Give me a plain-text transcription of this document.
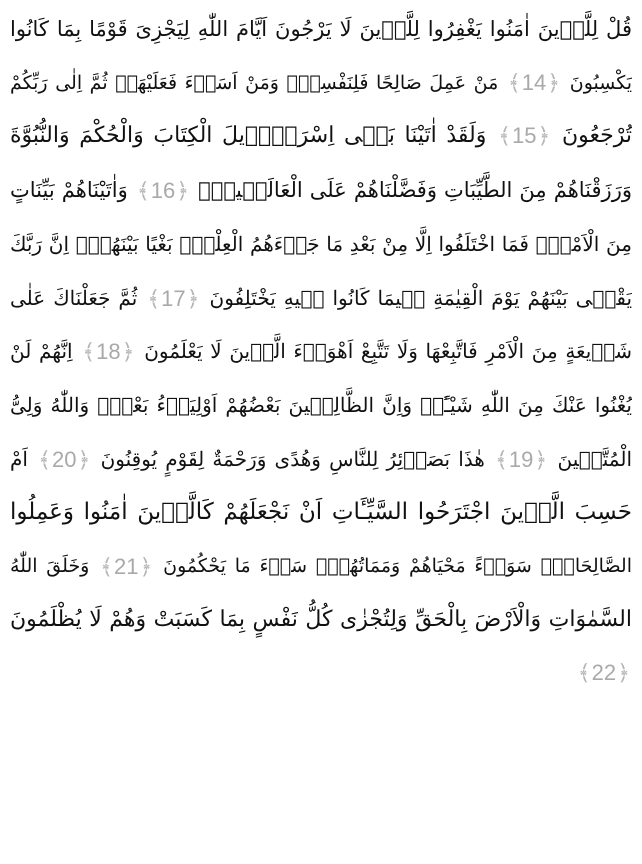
قُلْ لِلَّذٖينَ اٰمَنُوا يَغْفِرُوا لِلَّذٖينَ لَا يَرْجُونَ اَيَّامَ اللّٰهِ لِيَجْزِىَ قَوْمًا بِمَا كَانُوا
يَكْسِبُونَ ﴾14﴿ مَنْ عَمِلَ صَالِحًا فَلِنَفْسِهٖۚ وَمَنْ اَسَاۤءَ فَعَلَيْهَاۘ ثُمَّ اِلٰى رَبِّكُمْ
تُرْجَعُونَ ﴾15﴿ وَلَقَدْ اٰتَيْنَا بَنٖى اِسْرَاۤءٖيلَ الْكِتَابَ وَالْحُكْمَ وَالنُّبُوَّةَ
وَرَزَقْنَاهُمْ مِنَ الطَّيِّبَاتِ وَفَضَّلْنَاهُمْ عَلَى الْعَالَمٖينَۚ ﴾16﴿ وَاٰتَيْنَاهُمْ بَيِّنَاتٍ
مِنَ الْاَمْرِۚ فَمَا اخْتَلَفُوا اِلَّا مِنْ بَعْدِ مَا جَاۤءَهُمُ الْعِلْمُۙ بَغْيًا بَيْنَهُمْۜ اِنَّ رَبَّكَ
يَقْضٖى بَيْنَهُمْ يَوْمَ الْقِيٰمَةِ فٖيمَا كَانُوا فٖيهِ يَخْتَلِفُونَ ﴾17﴿ ثُمَّ جَعَلْنَاكَ عَلٰى
شَرٖيعَةٍ مِنَ الْاَمْرِ فَاتَّبِعْهَا وَلَا تَتَّبِعْ اَهْوَاۤءَ الَّذٖينَ لَا يَعْلَمُونَ ﴾18﴿ اِنَّهُمْ لَنْ
يُغْنُوا عَنْكَ مِنَ اللّٰهِ شَيْـًٔاۜ وَاِنَّ الظَّالِمٖينَ بَعْضُهُمْ اَوْلِيَاۤءُ بَعْضٍۚ وَاللّٰهُ وَلِىُّ
الْمُتَّقٖينَ ﴾19﴿ هٰذَا بَصَاۤئِرُ لِلنَّاسِ وَهُدًى وَرَحْمَةٌ لِقَوْمٍ يُوقِنُونَ ﴾20﴿ اَمْ
حَسِبَ الَّذٖينَ اجْتَرَحُوا السَّيِّـَٔاتِ اَنْ نَجْعَلَهُمْ كَالَّذٖينَ اٰمَنُوا وَعَمِلُوا
الصَّالِحَاتِۙ سَوَاۤءً مَحْيَاهُمْ وَمَمَاتُهُمْۜ سَاۤءَ مَا يَحْكُمُونَ ﴾21﴿ وَخَلَقَ اللّٰهُ
السَّمٰوَاتِ وَالْاَرْضَ بِالْحَقِّ وَلِتُجْزٰى كُلُّ نَفْسٍ بِمَا كَسَبَتْ وَهُمْ لَا يُظْلَمُونَ
﴾22﴿
